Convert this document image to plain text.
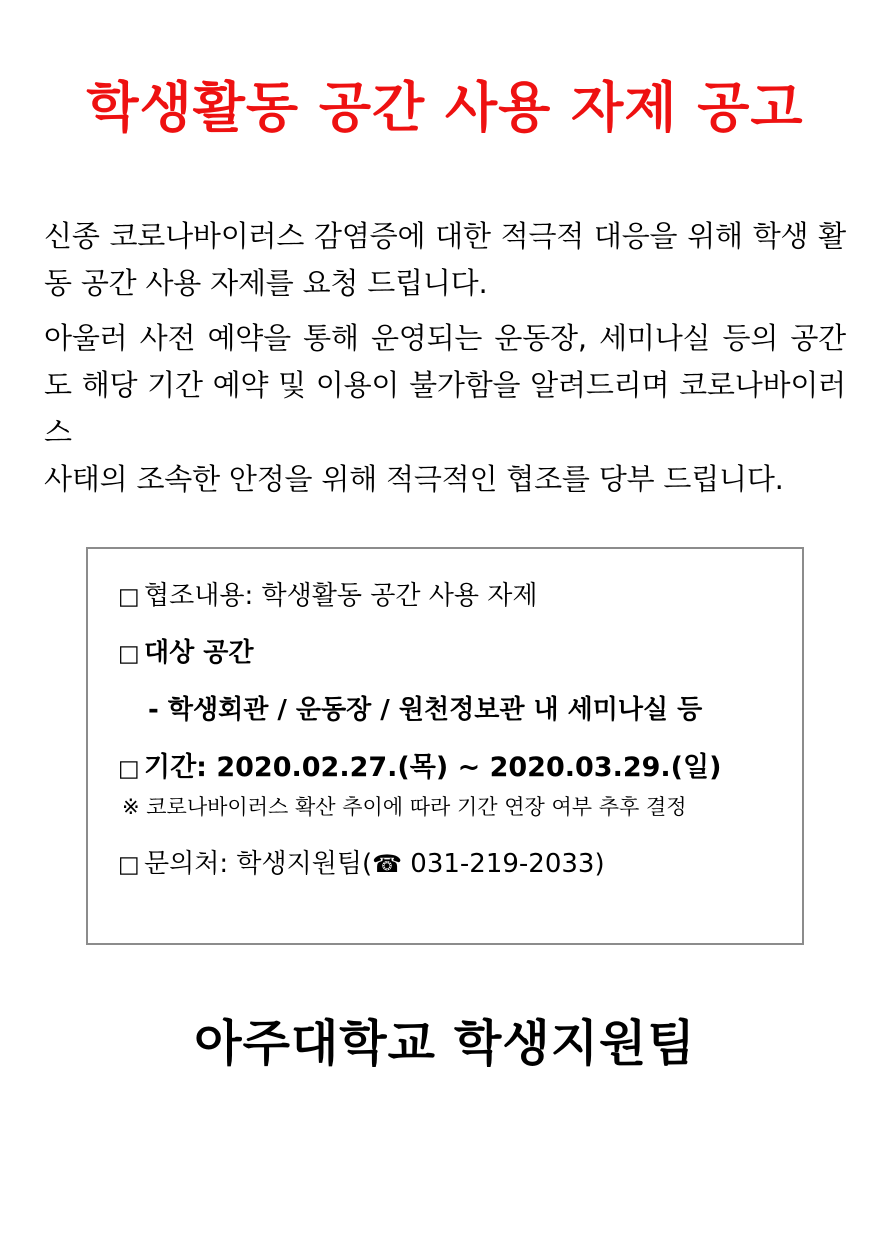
학생활동 공간 사용 자제 공고

신종 코로나바이러스 감염증에 대한 적극적 대응을 위해 학생 활동 공간 사용 자제를 요청 드립니다.

아울러 사전 예약을 통해 운영되는 운동장, 세미나실 등의 공간도 해당 기간 예약 및 이용이 불가함을 알려드리며 코로나바이러스
사태의 조속한 안정을 위해 적극적인 협조를 당부 드립니다.

□ 협조내용: 학생활동 공간 사용 자제

□ 대상 공간

- 학생회관 / 운동장 / 원천정보관 내 세미나실 등

□ 기간: 2020.02.27.(목) ~ 2020.03.29.(일)

※ 코로나바이러스 확산 추이에 따라 기간 연장 여부 추후 결정

□ 문의처: 학생지원팀(☎ 031-219-2033)

아주대학교 학생지원팀
